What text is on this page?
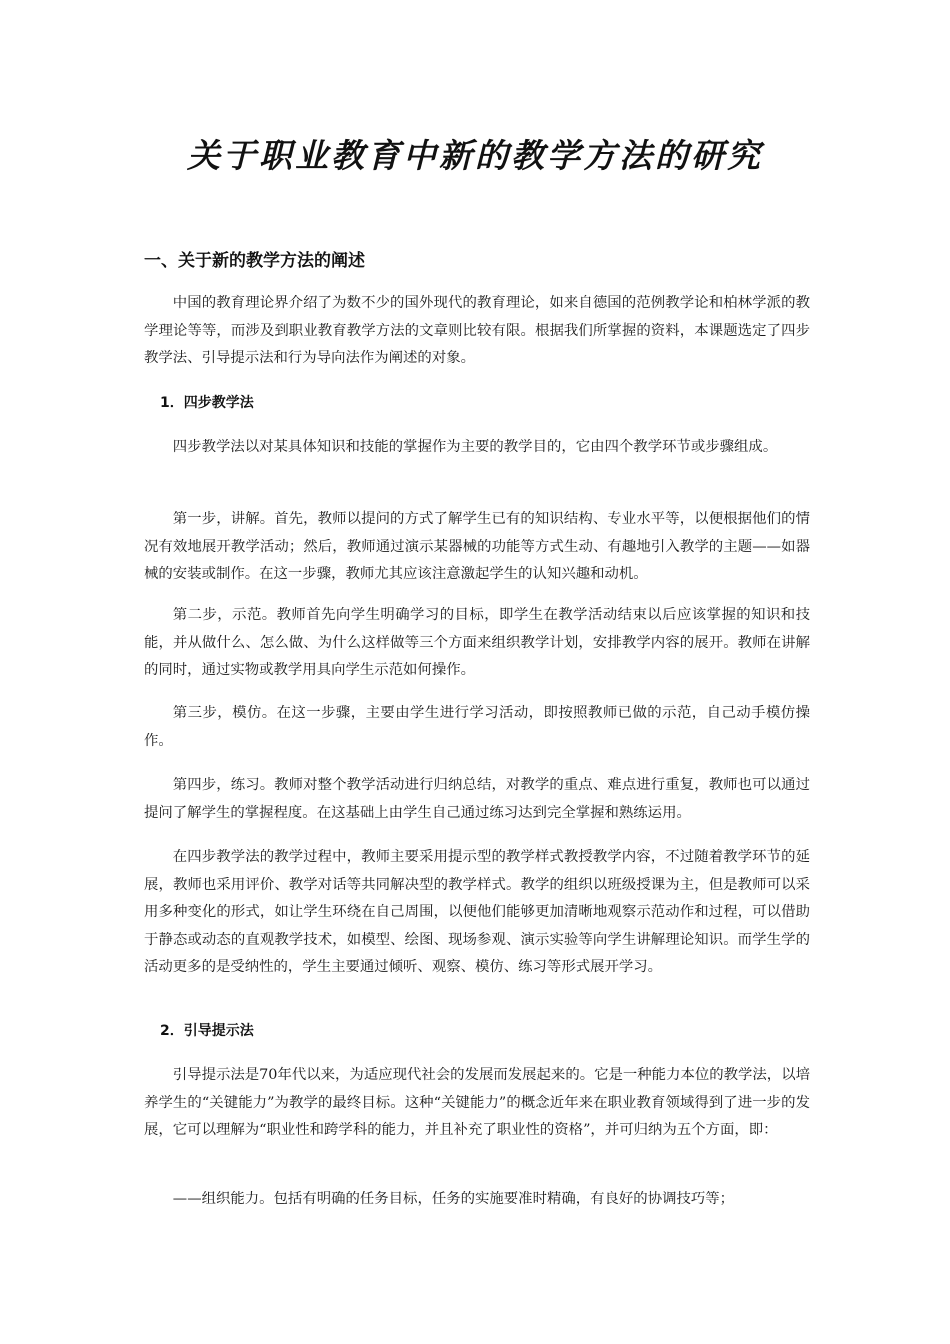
关于职业教育中新的教学方法的研究
一、关于新的教学方法的阐述

中国的教育理论界介绍了为数不少的国外现代的教育理论，如来自德国的范例教学论和柏林学派的教学理论等等，而涉及到职业教育教学方法的文章则比较有限。根据我们所掌握的资料，本课题选定了四步教学法、引导提示法和行为导向法作为阐述的对象。

1．四步教学法

四步教学法以对某具体知识和技能的掌握作为主要的教学目的，它由四个教学环节或步骤组成。

第一步，讲解。首先，教师以提问的方式了解学生已有的知识结构、专业水平等，以便根据他们的情况有效地展开教学活动；然后，教师通过演示某器械的功能等方式生动、有趣地引入教学的主题——如器械的安装或制作。在这一步骤，教师尤其应该注意激起学生的认知兴趣和动机。

第二步，示范。教师首先向学生明确学习的目标，即学生在教学活动结束以后应该掌握的知识和技能，并从做什么、怎么做、为什么这样做等三个方面来组织教学计划，安排教学内容的展开。教师在讲解的同时，通过实物或教学用具向学生示范如何操作。

第三步，模仿。在这一步骤，主要由学生进行学习活动，即按照教师已做的示范，自己动手模仿操作。

第四步，练习。教师对整个教学活动进行归纳总结，对教学的重点、难点进行重复，教师也可以通过提问了解学生的掌握程度。在这基础上由学生自己通过练习达到完全掌握和熟练运用。

在四步教学法的教学过程中，教师主要采用提示型的教学样式教授教学内容，不过随着教学环节的延展，教师也采用评价、教学对话等共同解决型的教学样式。教学的组织以班级授课为主，但是教师可以采用多种变化的形式，如让学生环绕在自己周围，以便他们能够更加清晰地观察示范动作和过程，可以借助于静态或动态的直观教学技术，如模型、绘图、现场参观、演示实验等向学生讲解理论知识。而学生学的活动更多的是受纳性的，学生主要通过倾听、观察、模仿、练习等形式展开学习。

2．引导提示法

引导提示法是70年代以来，为适应现代社会的发展而发展起来的。它是一种能力本位的教学法，以培养学生的“关键能力”为教学的最终目标。这种“关键能力”的概念近年来在职业教育领域得到了进一步的发展，它可以理解为“职业性和跨学科的能力，并且补充了职业性的资格”，并可归纳为五个方面，即：

——组织能力。包括有明确的任务目标，任务的实施要准时精确，有良好的协调技巧等；
